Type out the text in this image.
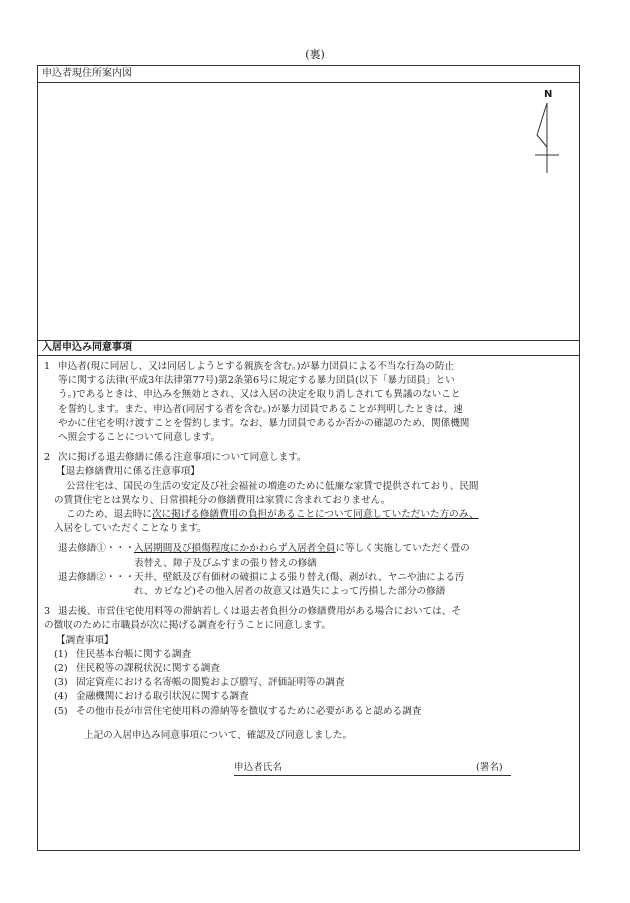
(裏)
申込者現住所案内図
N
入居申込み同意事項
1 申込者(現に同居し、又は同居しようとする親族を含む。)が暴力団員による不当な行為の防止
等に関する法律(平成3年法律第77号)第2条第6号に規定する暴力団員(以下「暴力団員」とい
う。)であるときは、申込みを無効とされ、又は入居の決定を取り消しされても異議のないこと
を誓約します。また、申込者(同居する者を含む。)が暴力団員であることが判明したときは、速
やかに住宅を明け渡すことを誓約します。なお、暴力団員であるか否かの確認のため、関係機関
へ照会することについて同意します。
2 次に掲げる退去修繕に係る注意事項について同意します。
【退去修繕費用に係る注意事項】
公営住宅は、国民の生活の安定及び社会福祉の増進のために低廉な家賃で提供されており、民間
の賃貸住宅とは異なり、日常損耗分の修繕費用は家賃に含まれておりません。
このため、退去時に次に掲げる修繕費用の負担があることについて同意していただいた方のみ、
入居をしていただくことなります。
退去修繕①・・・ 入居期間及び損傷程度にかかわらず入居者全員に等しく実施していただく畳の
表替え、障子及びふすまの張り替えの修繕
退去修繕②・・・ 天井、壁紙及び有価材の破損による張り替え(傷、剥がれ、ヤニや油による汚
れ、カビなど)その他入居者の故意又は過失によって汚損した部分の修繕
3 退去後、市営住宅使用料等の滞納若しくは退去者負担分の修繕費用がある場合においては、そ
の徴収のために市職員が次に掲げる調査を行うことに同意します。
【調査事項】
(1) 住民基本台帳に関する調査
(2) 住民税等の課税状況に関する調査
(3) 固定資産における名寄帳の閲覧および謄写、評価証明等の調査
(4) 金融機関における取引状況に関する調査
(5) その他市長が市営住宅使用料の滞納等を徴収するために必要があると認める調査
上記の入居申込み同意事項について、確認及び同意しました。
申込者氏名	(署名)
